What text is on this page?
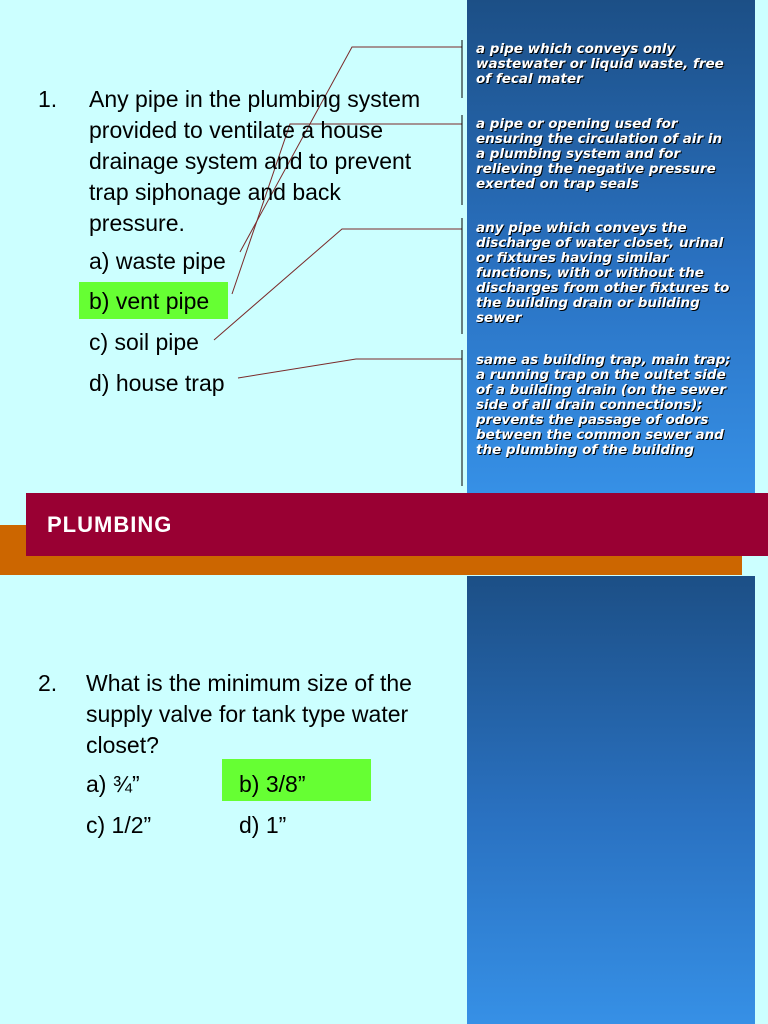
1. Any pipe in the plumbing system
provided to ventilate a house
drainage system and to prevent
trap siphonage and back
pressure.
a) waste pipe
b) vent pipe
c) soil pipe
d) house trap
a pipe which conveys only
wastewater or liquid waste, free
of fecal mater
a pipe or opening used for
ensuring the circulation of air in
a plumbing system and for
relieving the negative pressure
exerted on trap seals
any pipe which conveys the
discharge of water closet, urinal
or fixtures having similar
functions, with or without the
discharges from other fixtures to
the building drain or building
sewer
same as building trap, main trap;
a running trap on the oultet side
of a building drain (on the sewer
side of all drain connections);
prevents the passage of odors
between the common sewer and
the plumbing of the building
2. What is the minimum size of the
supply valve for tank type water
closet?
a) ¾”	b) 3/8”
c) 1/2”	d) 1”
PLUMBING
